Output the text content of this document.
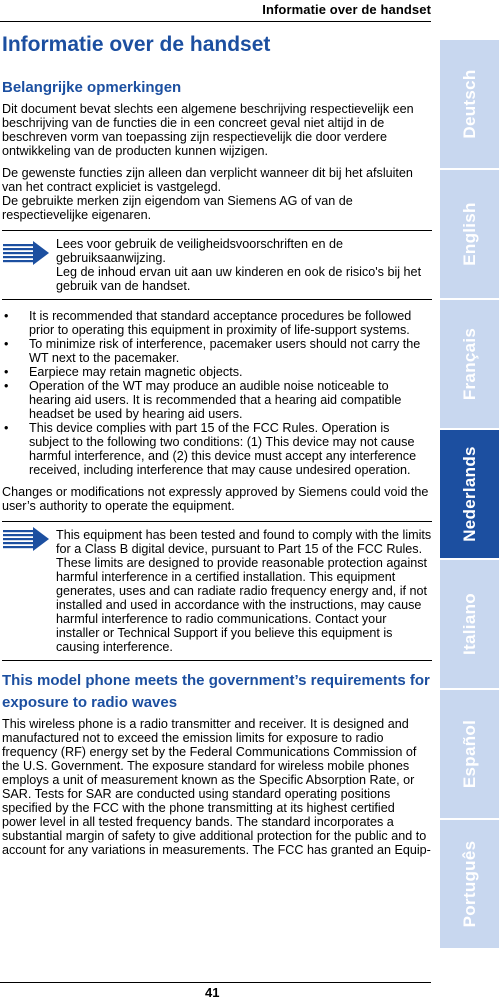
Informatie over de handset
Informatie over de handset
Belangrijke opmerkingen

Dit document bevat slechts een algemene beschrijving respectievelijk een beschrijving van de functies die in een concreet geval niet altijd in de beschreven vorm van toepassing zijn respectievelijk die door verdere ontwikkeling van de producten kunnen wijzigen.

De gewenste functies zijn alleen dan verplicht wanneer dit bij het afsluiten van het contract expliciet is vastgelegd.
De gebruikte merken zijn eigendom van Siemens AG of van de respectievelijke eigenaren.

Lees voor gebruik de veiligheidsvoorschriften en de gebruiksaanwijzing.
Leg de inhoud ervan uit aan uw kinderen en ook de risico's bij het gebruik van de handset.

• It is recommended that standard acceptance procedures be followed prior to operating this equipment in proximity of life-support systems.
• To minimize risk of interference, pacemaker users should not carry the WT next to the pacemaker.
• Earpiece may retain magnetic objects.
• Operation of the WT may produce an audible noise noticeable to hearing aid users. It is recommended that a hearing aid compatible headset be used by hearing aid users.
• This device complies with part 15 of the FCC Rules. Operation is subject to the following two conditions: (1) This device may not cause harmful interference, and (2) this device must accept any interference received, including interference that may cause undesired operation.

Changes or modifications not expressly approved by Siemens could void the user’s authority to operate the equipment.

This equipment has been tested and found to comply with the limits for a Class B digital device, pursuant to Part 15 of the FCC Rules. These limits are designed to provide reasonable protection against harmful interference in a certified installation. This equipment generates, uses and can radiate radio frequency energy and, if not installed and used in accordance with the instructions, may cause harmful interference to radio communications. Contact your installer or Technical Support if you believe this equipment is causing interference.

This model phone meets the government’s requirements for exposure to radio waves

This wireless phone is a radio transmitter and receiver. It is designed and manufactured not to exceed the emission limits for exposure to radio frequency (RF) energy set by the Federal Communications Commission of the U.S. Government. The exposure standard for wireless mobile phones employs a unit of measurement known as the Specific Absorption Rate, or SAR. Tests for SAR are conducted using standard operating positions specified by the FCC with the phone transmitting at its highest certified power level in all tested frequency bands. The standard incorporates a substantial margin of safety to give additional protection for the public and to account for any variations in measurements. The FCC has granted an Equip-

Deutsch
English
Français
Nederlands
Italiano
Español
Português
41
